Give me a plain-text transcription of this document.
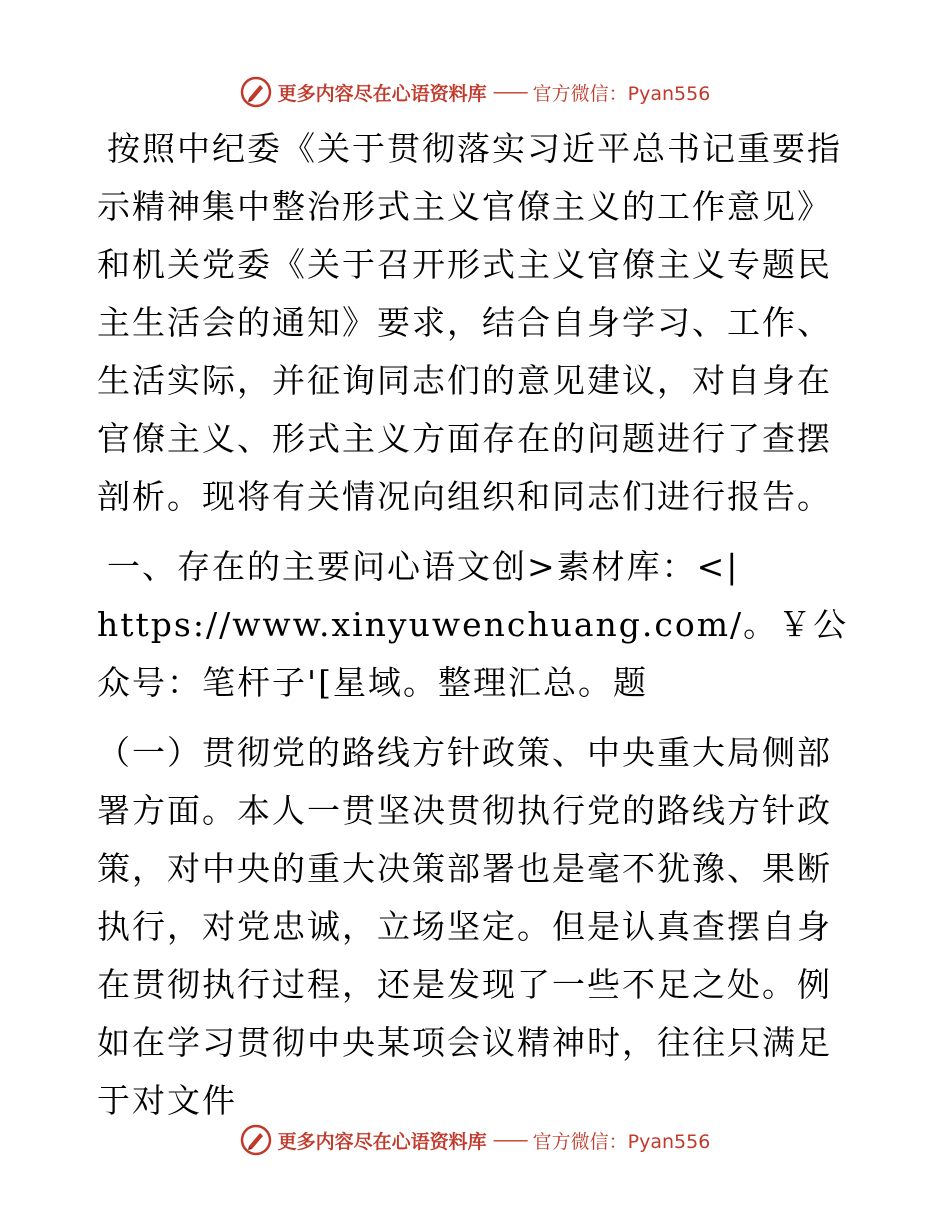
更多内容尽在心语资料库 —— 官方微信：Pyan556

按照中纪委《关于贯彻落实习近平总书记重要指示精神集中整治形式主义官僚主义的工作意见》和机关党委《关于召开形式主义官僚主义专题民主生活会的通知》要求，结合自身学习、工作、生活实际，并征询同志们的意见建议，对自身在官僚主义、形式主义方面存在的问题进行了查摆剖析。现将有关情况向组织和同志们进行报告。

一、存在的主要问心语文创>素材库：<| https://www.xinyuwenchuang.com/。￥公众号：笔杆子'[星域。整理汇总。题

（一）贯彻党的路线方针政策、中央重大局侧部署方面。本人一贯坚决贯彻执行党的路线方针政策，对中央的重大决策部署也是毫不犹豫、果断执行，对党忠诚，立场坚定。但是认真查摆自身在贯彻执行过程，还是发现了一些不足之处。例如在学习贯彻中央某项会议精神时，往往只满足于对文件

更多内容尽在心语资料库 —— 官方微信：Pyan556
